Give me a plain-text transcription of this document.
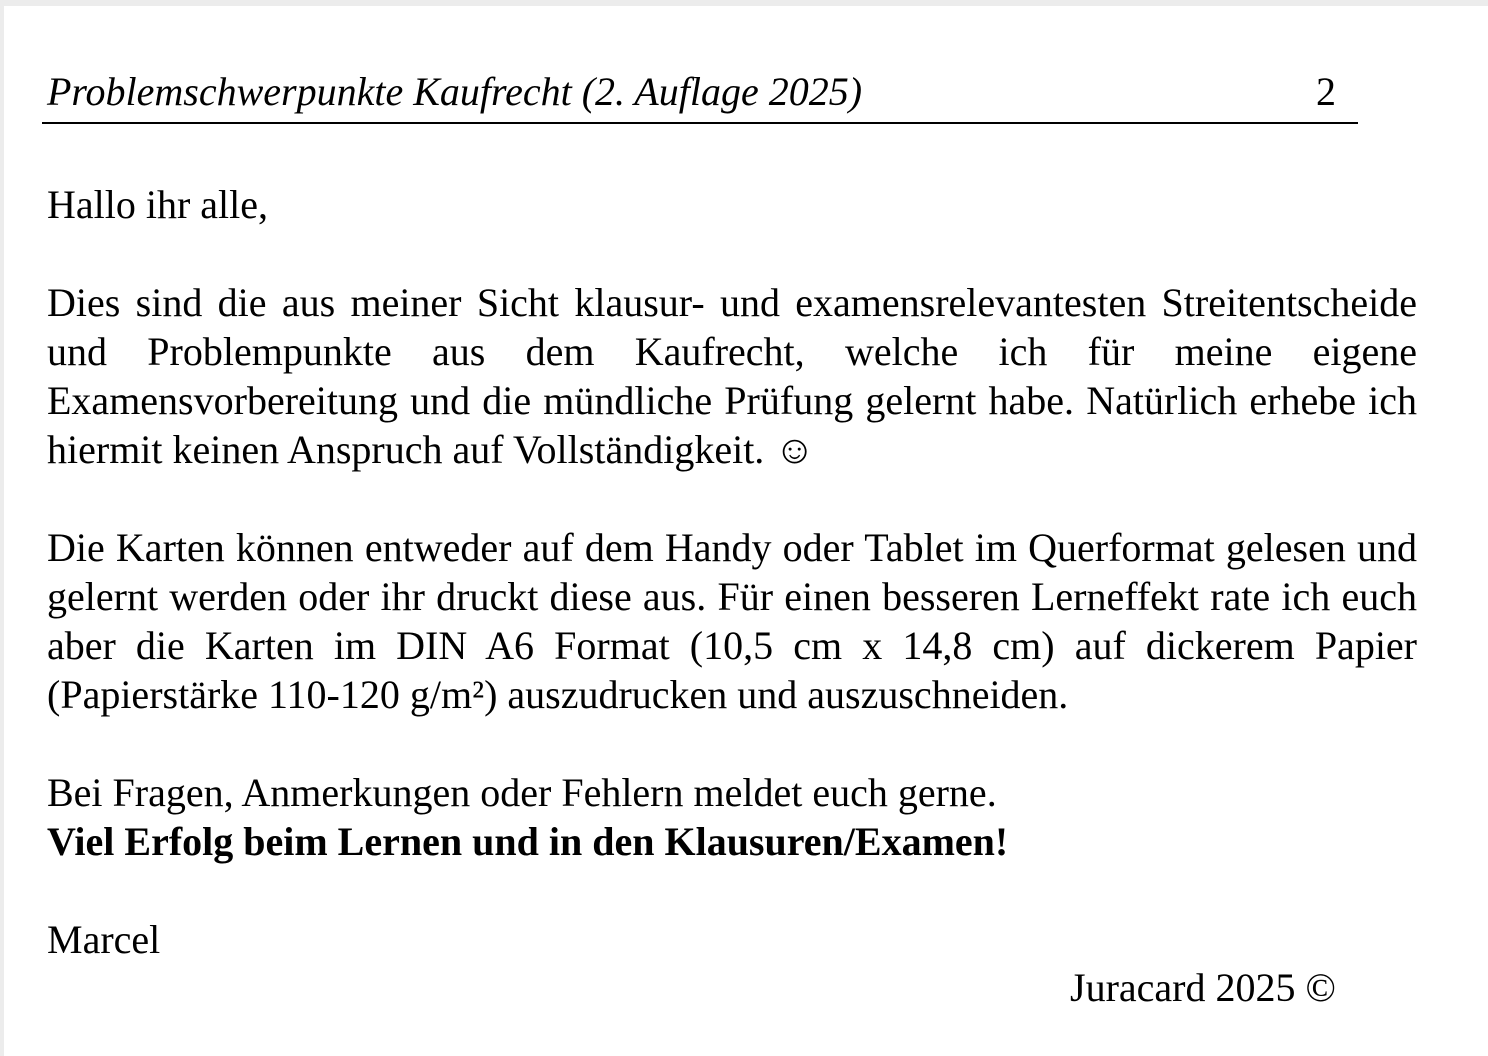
Problemschwerpunkte Kaufrecht (2. Auflage 2025)	2

Hallo ihr alle,

Dies sind die aus meiner Sicht klausur- und examensrelevantesten Streitentscheide und Problempunkte aus dem Kaufrecht, welche ich für meine eigene Examensvorbereitung und die mündliche Prüfung gelernt habe. Natürlich erhebe ich hiermit keinen Anspruch auf Vollständigkeit. ☺

Die Karten können entweder auf dem Handy oder Tablet im Querformat gelesen und gelernt werden oder ihr druckt diese aus. Für einen besseren Lerneffekt rate ich euch aber die Karten im DIN A6 Format (10,5 cm x 14,8 cm) auf dickerem Papier (Papierstärke 110-120 g/m²) auszudrucken und auszuschneiden.

Bei Fragen, Anmerkungen oder Fehlern meldet euch gerne.

Viel Erfolg beim Lernen und in den Klausuren/Examen!

Marcel

Juracard 2025 ©
